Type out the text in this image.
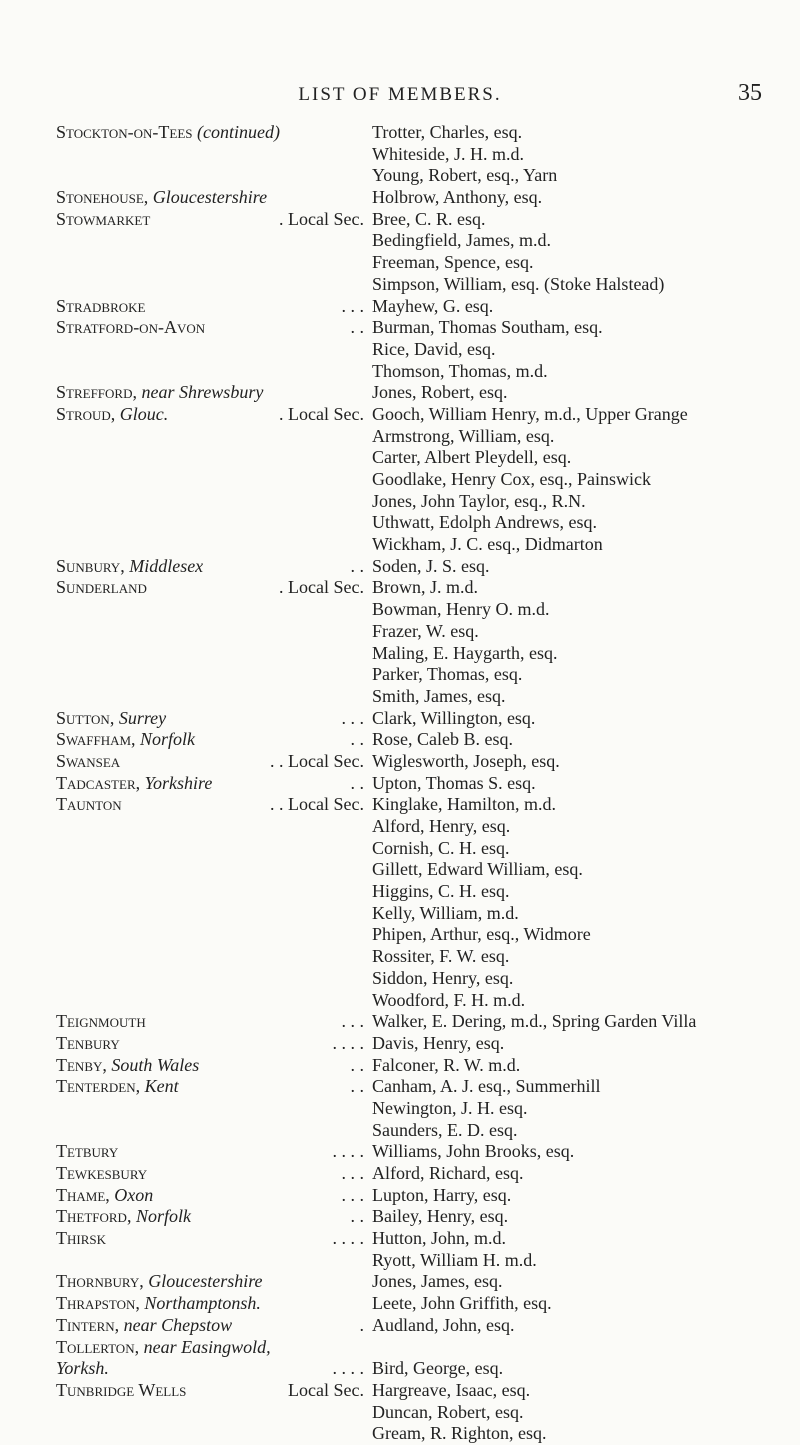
LIST OF MEMBERS.	35
Stockton-on-Tees (continued)	Trotter, Charles, esq.
Whiteside, J. H. m.d.
Young, Robert, esq., Yarn
Stonehouse, Gloucestershire	Holbrow, Anthony, esq.
Stowmarket	. Local Sec. Bree, C. R. esq.
Bedingfield, James, m.d.
Freeman, Spence, esq.
Simpson, William, esq. (Stoke Halstead)
Stradbroke	. . . Mayhew, G. esq.
Stratford-on-Avon	. . Burman, Thomas Southam, esq.
Rice, David, esq.
Thomson, Thomas, m.d.
Strefford, near Shrewsbury	Jones, Robert, esq.
Stroud, Glouc.	. Local Sec. Gooch, William Henry, m.d., Upper Grange
Armstrong, William, esq.
Carter, Albert Pleydell, esq.
Goodlake, Henry Cox, esq., Painswick
Jones, John Taylor, esq., R.N.
Uthwatt, Edolph Andrews, esq.
Wickham, J. C. esq., Didmarton
Sunbury, Middlesex	. . Soden, J. S. esq.
Sunderland	. Local Sec. Brown, J. m.d.
Bowman, Henry O. m.d.
Frazer, W. esq.
Maling, E. Haygarth, esq.
Parker, Thomas, esq.
Smith, James, esq.
Sutton, Surrey	. . . Clark, Willington, esq.
Swaffham, Norfolk	. . Rose, Caleb B. esq.
Swansea	. . Local Sec. Wiglesworth, Joseph, esq.
Tadcaster, Yorkshire	. . Upton, Thomas S. esq.
Taunton	. . Local Sec. Kinglake, Hamilton, m.d.
Alford, Henry, esq.
Cornish, C. H. esq.
Gillett, Edward William, esq.
Higgins, C. H. esq.
Kelly, William, m.d.
Phipen, Arthur, esq., Widmore
Rossiter, F. W. esq.
Siddon, Henry, esq.
Woodford, F. H. m.d.
Teignmouth	. . . Walker, E. Dering, m.d., Spring Garden Villa
Tenbury	. . . . Davis, Henry, esq.
Tenby, South Wales	. . Falconer, R. W. m.d.
Tenterden, Kent	. . Canham, A. J. esq., Summerhill
Newington, J. H. esq.
Saunders, E. D. esq.
Tetbury	. . . . Williams, John Brooks, esq.
Tewkesbury	. . . Alford, Richard, esq.
Thame, Oxon	. . . Lupton, Harry, esq.
Thetford, Norfolk	. . Bailey, Henry, esq.
Thirsk	. . . . Hutton, John, m.d.
Ryott, William H. m.d.
Thornbury, Gloucestershire	Jones, James, esq.
Thrapston, Northamptonsh.	Leete, John Griffith, esq.
Tintern, near Chepstow	. Audland, John, esq.
Tollerton, near Easingwold,
Yorksh.	. . . . Bird, George, esq.
Tunbridge Wells	Local Sec. Hargreave, Isaac, esq.
Duncan, Robert, esq.
Gream, R. Righton, esq.
